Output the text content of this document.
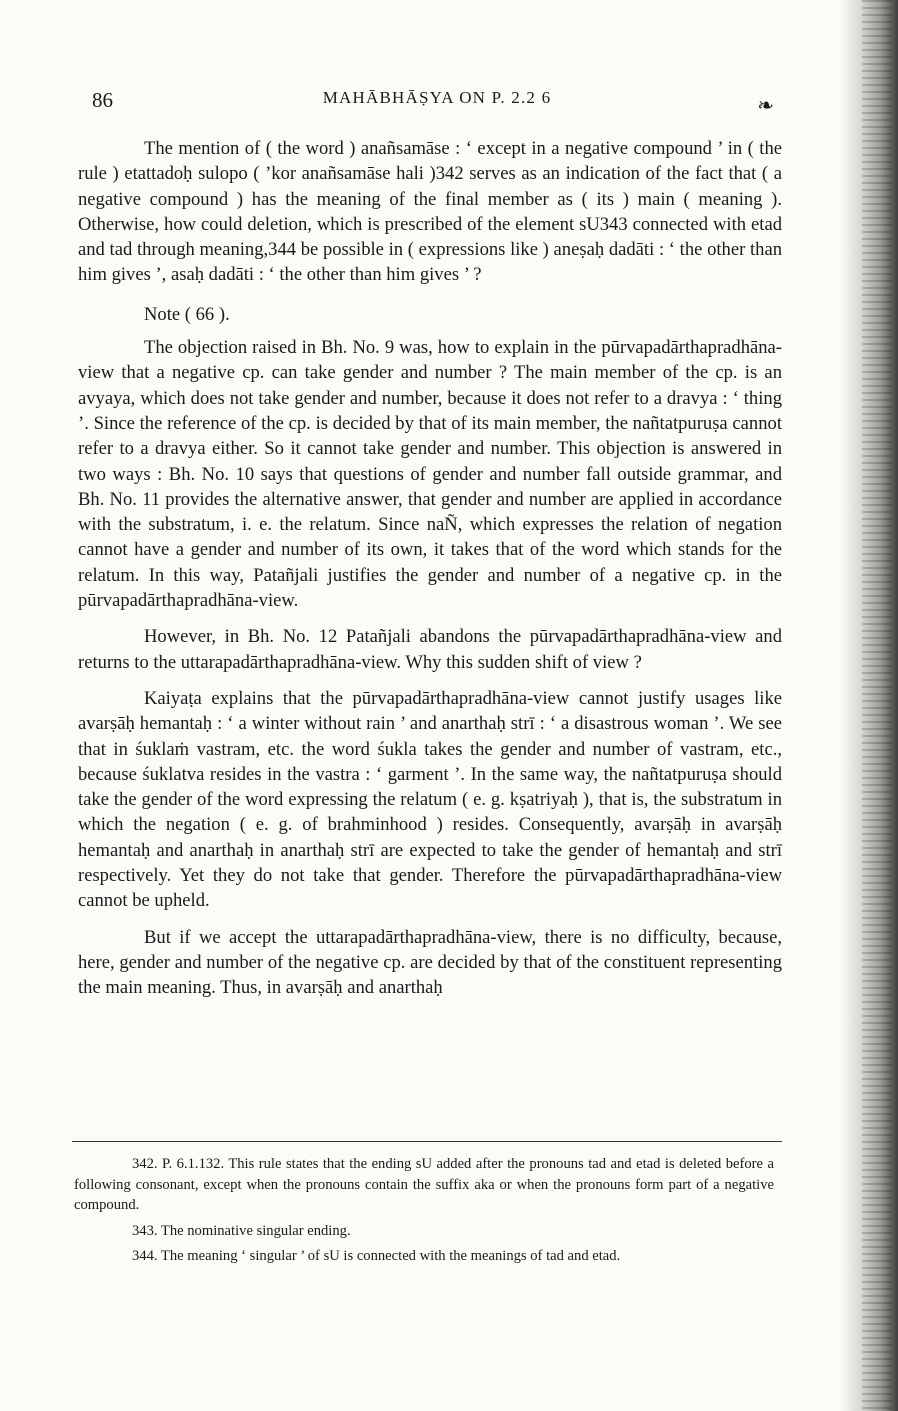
86	MAHĀBHĀṢYA ON P. 2.2 6	❧

The mention of ( the word ) anañsamāse : ‘ except in a negative compound ’ in ( the rule ) etattadoḥ sulopo ( ’kor anañsamāse hali )342 serves as an indication of the fact that ( a negative compound ) has the meaning of the final member as ( its ) main ( meaning ). Otherwise, how could deletion, which is prescribed of the element sU343 connected with etad and tad through meaning,344 be possible in ( expressions like ) aneṣaḥ dadāti : ‘ the other than him gives ’, asaḥ dadāti : ‘ the other than him gives ’ ?

Note ( 66 ).

The objection raised in Bh. No. 9 was, how to explain in the pūrvapadārthapradhāna-view that a negative cp. can take gender and number ? The main member of the cp. is an avyaya, which does not take gender and number, because it does not refer to a dravya : ‘ thing ’. Since the reference of the cp. is decided by that of its main member, the nañtatpuruṣa cannot refer to a dravya either. So it cannot take gender and number. This objection is answered in two ways : Bh. No. 10 says that questions of gender and number fall outside grammar, and Bh. No. 11 provides the alternative answer, that gender and number are applied in accordance with the substratum, i. e. the relatum. Since naÑ, which expresses the relation of negation cannot have a gender and number of its own, it takes that of the word which stands for the relatum. In this way, Patañjali justifies the gender and number of a negative cp. in the pūrvapadārthapradhāna-view.

However, in Bh. No. 12 Patañjali abandons the pūrvapadārthapradhāna-view and returns to the uttarapadārthapradhāna-view. Why this sudden shift of view ?

Kaiyaṭa explains that the pūrvapadārthapradhāna-view cannot justify usages like avarṣāḥ hemantaḥ : ‘ a winter without rain ’ and anarthaḥ strī : ‘ a disastrous woman ’. We see that in śuklaṁ vastram, etc. the word śukla takes the gender and number of vastram, etc., because śuklatva resides in the vastra : ‘ garment ’. In the same way, the nañtatpuruṣa should take the gender of the word expressing the relatum ( e. g. kṣatriyaḥ ), that is, the substratum in which the negation ( e. g. of brahminhood ) resides. Consequently, avarṣāḥ in avarṣāḥ hemantaḥ and anarthaḥ in anarthaḥ strī are expected to take the gender of hemantaḥ and strī respectively. Yet they do not take that gender. Therefore the pūrvapadārthapradhāna-view cannot be upheld.

But if we accept the uttarapadārthapradhāna-view, there is no difficulty, because, here, gender and number of the negative cp. are decided by that of the constituent representing the main meaning. Thus, in avarṣāḥ and anarthaḥ

342. P. 6.1.132. This rule states that the ending sU added after the pronouns tad and etad is deleted before a following consonant, except when the pronouns contain the suffix aka or when the pronouns form part of a negative compound.

343. The nominative singular ending.

344. The meaning ‘ singular ’ of sU is connected with the meanings of tad and etad.
